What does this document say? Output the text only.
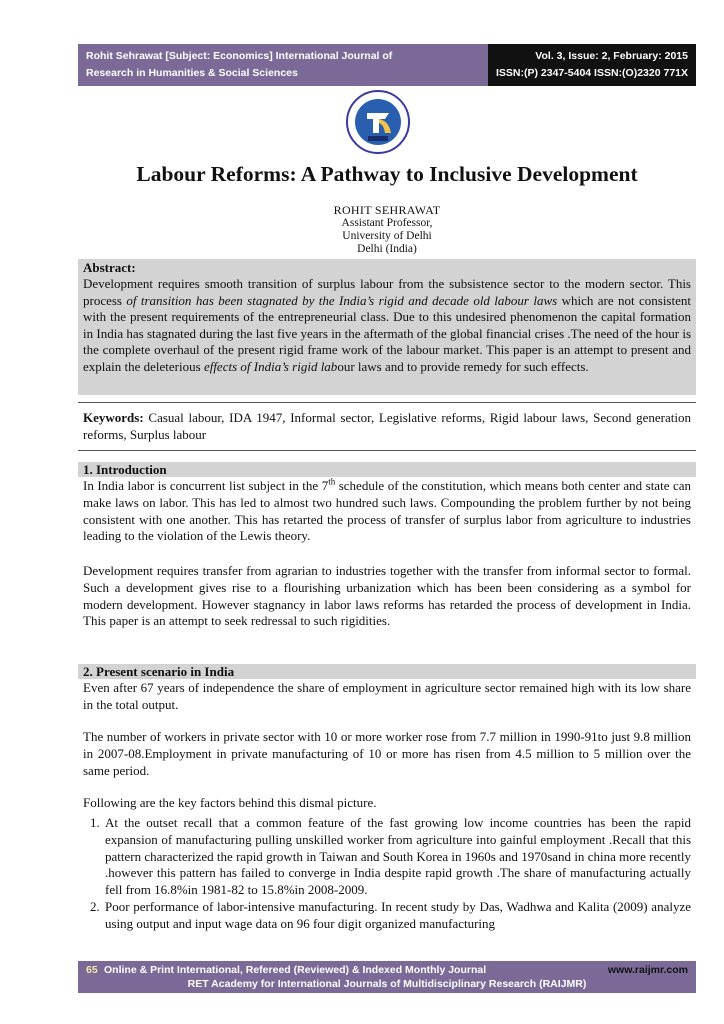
Rohit Sehrawat [Subject: Economics] International Journal of
Research in Humanities & Social Sciences
Vol. 3, Issue: 2, February: 2015
ISSN:(P) 2347-5404 ISSN:(O)2320 771X
Labour Reforms: A Pathway to Inclusive Development
ROHIT SEHRAWAT
Assistant Professor,
University of Delhi
Delhi (India)
Abstract:
Development requires smooth transition of surplus labour from the subsistence sector to the modern sector. This process of transition has been stagnated by the India’s rigid and decade old labour laws which are not consistent with the present requirements of the entrepreneurial class. Due to this undesired phenomenon the capital formation in India has stagnated during the last five years in the aftermath of the global financial crises .The need of the hour is the complete overhaul of the present rigid frame work of the labour market. This paper is an attempt to present and explain the deleterious effects of India’s rigid labour laws and to provide remedy for such effects.
Keywords: Casual labour, IDA 1947, Informal sector, Legislative reforms, Rigid labour laws, Second generation reforms, Surplus labour
1. Introduction
In India labor is concurrent list subject in the 7th schedule of the constitution, which means both center and state can make laws on labor. This has led to almost two hundred such laws. Compounding the problem further by not being consistent with one another. This has retarted the process of transfer of surplus labor from agriculture to industries leading to the violation of the Lewis theory.
Development requires transfer from agrarian to industries together with the transfer from informal sector to formal. Such a development gives rise to a flourishing urbanization which has been been considering as a symbol for modern development. However stagnancy in labor laws reforms has retarded the process of development in India. This paper is an attempt to seek redressal to such rigidities.
2. Present scenario in India
Even after 67 years of independence the share of employment in agriculture sector remained high with its low share in the total output.
The number of workers in private sector with 10 or more worker rose from 7.7 million in 1990-91to just 9.8 million in 2007-08.Employment in private manufacturing of 10 or more has risen from 4.5 million to 5 million over the same period.
Following are the key factors behind this dismal picture.
1. At the outset recall that a common feature of the fast growing low income countries has been the rapid expansion of manufacturing pulling unskilled worker from agriculture into gainful employment .Recall that this pattern characterized the rapid growth in Taiwan and South Korea in 1960s and 1970sand in china more recently .however this pattern has failed to converge in India despite rapid growth .The share of manufacturing actually fell from 16.8%in 1981-82 to 15.8%in 2008-2009.
2. Poor performance of labor-intensive manufacturing. In recent study by Das, Wadhwa and Kalita (2009) analyze using output and input wage data on 96 four digit organized manufacturing
65 Online & Print International, Refereed (Reviewed) & Indexed Monthly Journal	www.raijmr.com
RET Academy for International Journals of Multidisciplinary Research (RAIJMR)
